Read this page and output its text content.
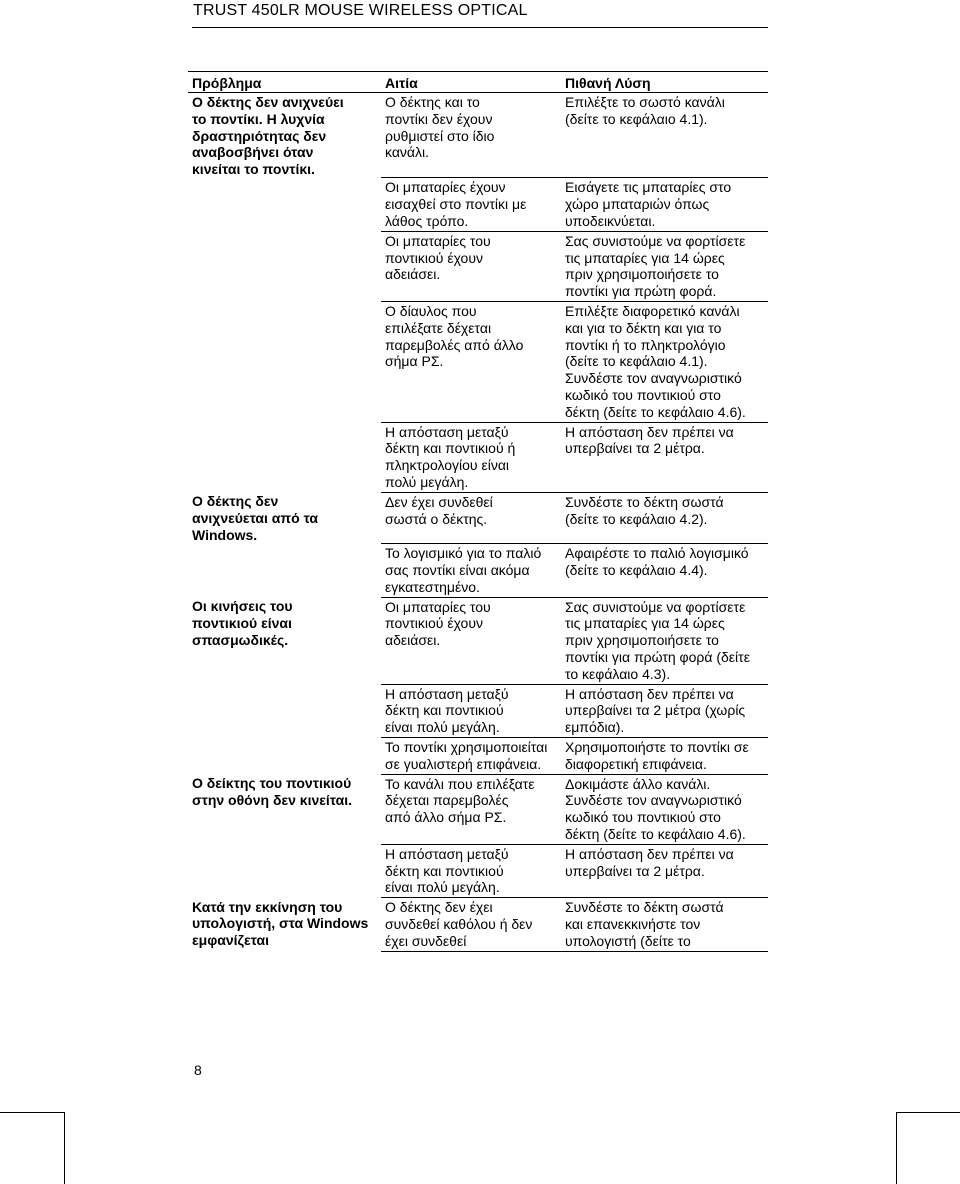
TRUST 450LR MOUSE WIRELESS OPTICAL
Πρόβλημα	Αιτία	Πιθανή Λύση
Ο δέκτης δεν ανιχνεύει το ποντίκι. Η λυχνία δραστηριότητας δεν αναβοσβήνει όταν κινείται το ποντίκι.	Ο δέκτης και το ποντίκι δεν έχουν ρυθμιστεί στο ίδιο κανάλι.	Επιλέξτε το σωστό κανάλι (δείτε το κεφάλαιο 4.1).

	Οι μπαταρίες έχουν εισαχθεί στο ποντίκι με λάθος τρόπο.	Εισάγετε τις μπαταρίες στο χώρο μπαταριών όπως υποδεικνύεται.

	Οι μπαταρίες του ποντικιού έχουν αδειάσει.	Σας συνιστούμε να φορτίσετε τις μπαταρίες για 14 ώρες πριν χρησιμοποιήσετε το ποντίκι για πρώτη φορά.

	Ο δίαυλος που επιλέξατε δέχεται παρεμβολές από άλλο σήμα ΡΣ.	Επιλέξτε διαφορετικό κανάλι και για το δέκτη και για το ποντίκι ή το πληκτρολόγιο (δείτε το κεφάλαιο 4.1). Συνδέστε τον αναγνωριστικό κωδικό του ποντικιού στο δέκτη (δείτε το κεφάλαιο 4.6).

	Η απόσταση μεταξύ δέκτη και ποντικιού ή πληκτρολογίου είναι πολύ μεγάλη.	Η απόσταση δεν πρέπει να υπερβαίνει τα 2 μέτρα.

Ο δέκτης δεν ανιχνεύεται από τα Windows.	Δεν έχει συνδεθεί σωστά ο δέκτης.	Συνδέστε το δέκτη σωστά (δείτε το κεφάλαιο 4.2).

	Το λογισμικό για το παλιό σας ποντίκι είναι ακόμα εγκατεστημένο.	Αφαιρέστε το παλιό λογισμικό (δείτε το κεφάλαιο 4.4).

Οι κινήσεις του ποντικιού είναι σπασμωδικές.	Οι μπαταρίες του ποντικιού έχουν αδειάσει.	Σας συνιστούμε να φορτίσετε τις μπαταρίες για 14 ώρες πριν χρησιμοποιήσετε το ποντίκι για πρώτη φορά (δείτε το κεφάλαιο 4.3).

	Η απόσταση μεταξύ δέκτη και ποντικιού είναι πολύ μεγάλη.	Η απόσταση δεν πρέπει να υπερβαίνει τα 2 μέτρα (χωρίς εμπόδια).

	Το ποντίκι χρησιμοποιείται σε γυαλιστερή επιφάνεια.	Χρησιμοποιήστε το ποντίκι σε διαφορετική επιφάνεια.

Ο δείκτης του ποντικιού στην οθόνη δεν κινείται.	Το κανάλι που επιλέξατε δέχεται παρεμβολές από άλλο σήμα ΡΣ.	Δοκιμάστε άλλο κανάλι. Συνδέστε τον αναγνωριστικό κωδικό του ποντικιού στο δέκτη (δείτε το κεφάλαιο 4.6).

	Η απόσταση μεταξύ δέκτη και ποντικιού είναι πολύ μεγάλη.	Η απόσταση δεν πρέπει να υπερβαίνει τα 2 μέτρα.

Κατά την εκκίνηση του υπολογιστή, στα Windows εμφανίζεται	Ο δέκτης δεν έχει συνδεθεί καθόλου ή δεν έχει συνδεθεί	Συνδέστε το δέκτη σωστά και επανεκκινήστε τον υπολογιστή (δείτε το
8
